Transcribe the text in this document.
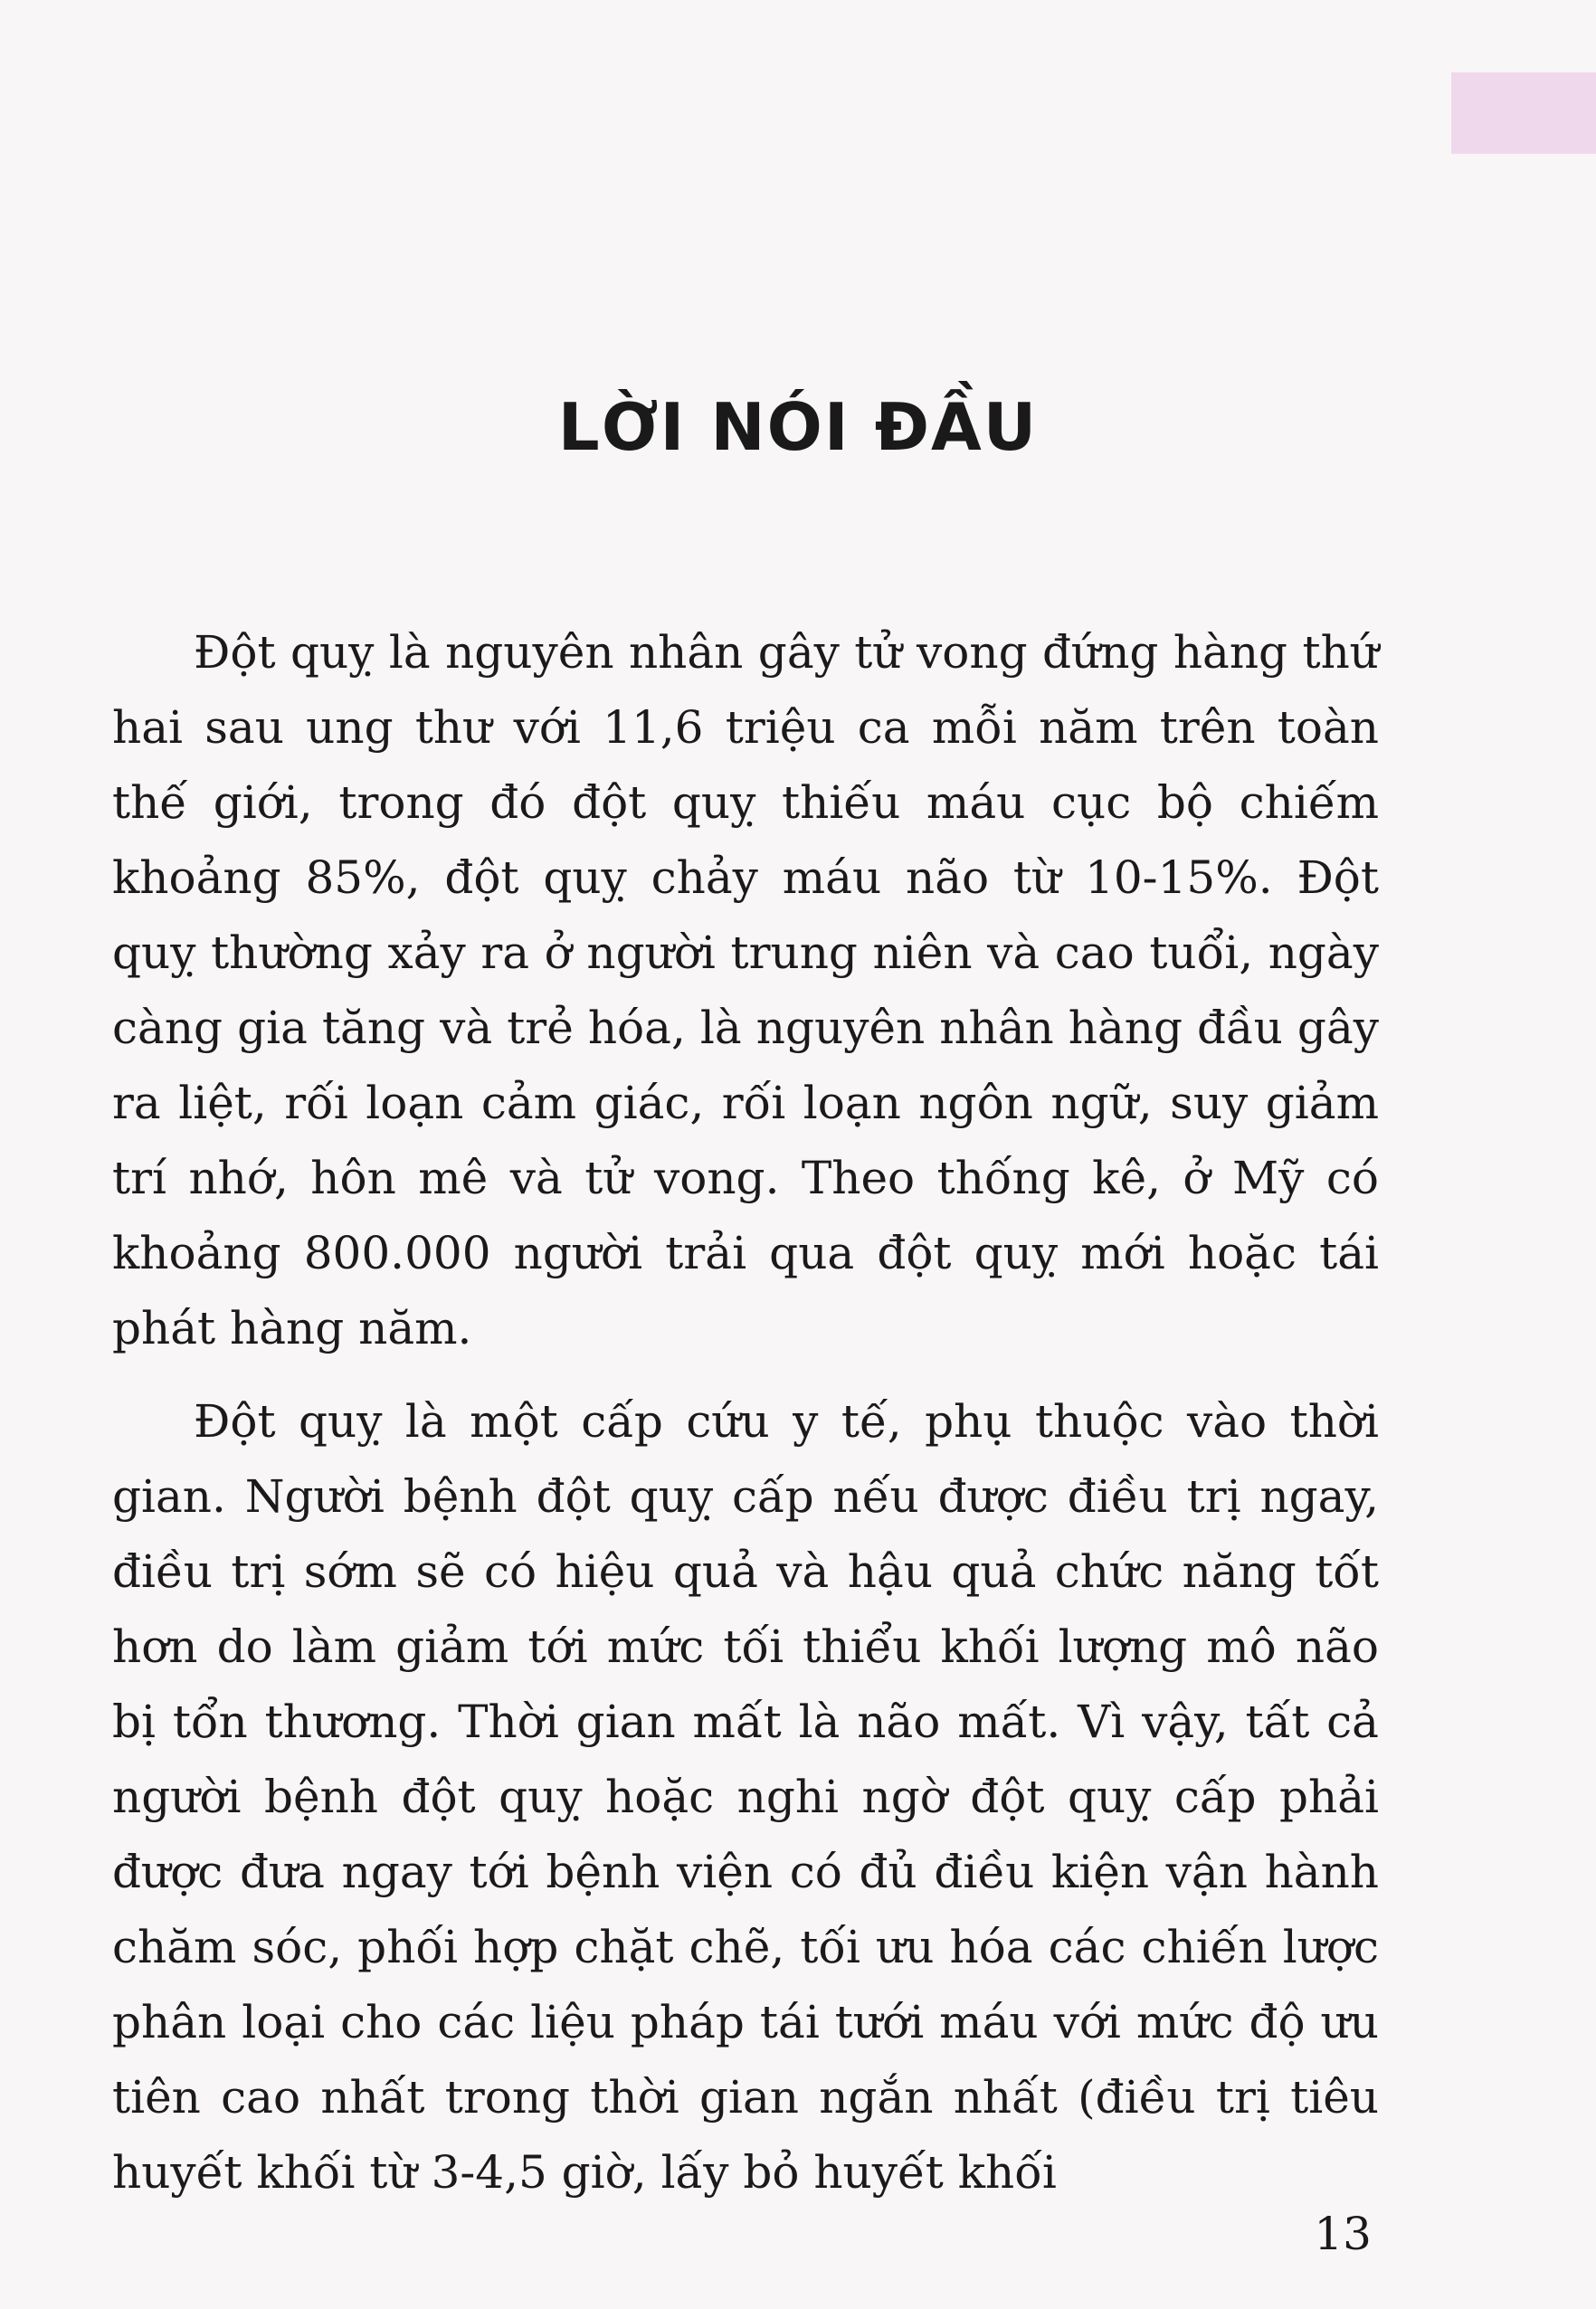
LỜI NÓI ĐẦU

Đột quỵ là nguyên nhân gây tử vong đứng hàng thứ hai sau ung thư với 11,6 triệu ca mỗi năm trên toàn thế giới, trong đó đột quỵ thiếu máu cục bộ chiếm khoảng 85%, đột quỵ chảy máu não từ 10-15%. Đột quỵ thường xảy ra ở người trung niên và cao tuổi, ngày càng gia tăng và trẻ hóa, là nguyên nhân hàng đầu gây ra liệt, rối loạn cảm giác, rối loạn ngôn ngữ, suy giảm trí nhớ, hôn mê và tử vong. Theo thống kê, ở Mỹ có khoảng 800.000 người trải qua đột quỵ mới hoặc tái phát hàng năm.

Đột quỵ là một cấp cứu y tế, phụ thuộc vào thời gian. Người bệnh đột quỵ cấp nếu được điều trị ngay, điều trị sớm sẽ có hiệu quả và hậu quả chức năng tốt hơn do làm giảm tới mức tối thiểu khối lượng mô não bị tổn thương. Thời gian mất là não mất. Vì vậy, tất cả người bệnh đột quỵ hoặc nghi ngờ đột quỵ cấp phải được đưa ngay tới bệnh viện có đủ điều kiện vận hành chăm sóc, phối hợp chặt chẽ, tối ưu hóa các chiến lược phân loại cho các liệu pháp tái tưới máu với mức độ ưu tiên cao nhất trong thời gian ngắn nhất (điều trị tiêu huyết khối từ 3-4,5 giờ, lấy bỏ huyết khối

13
